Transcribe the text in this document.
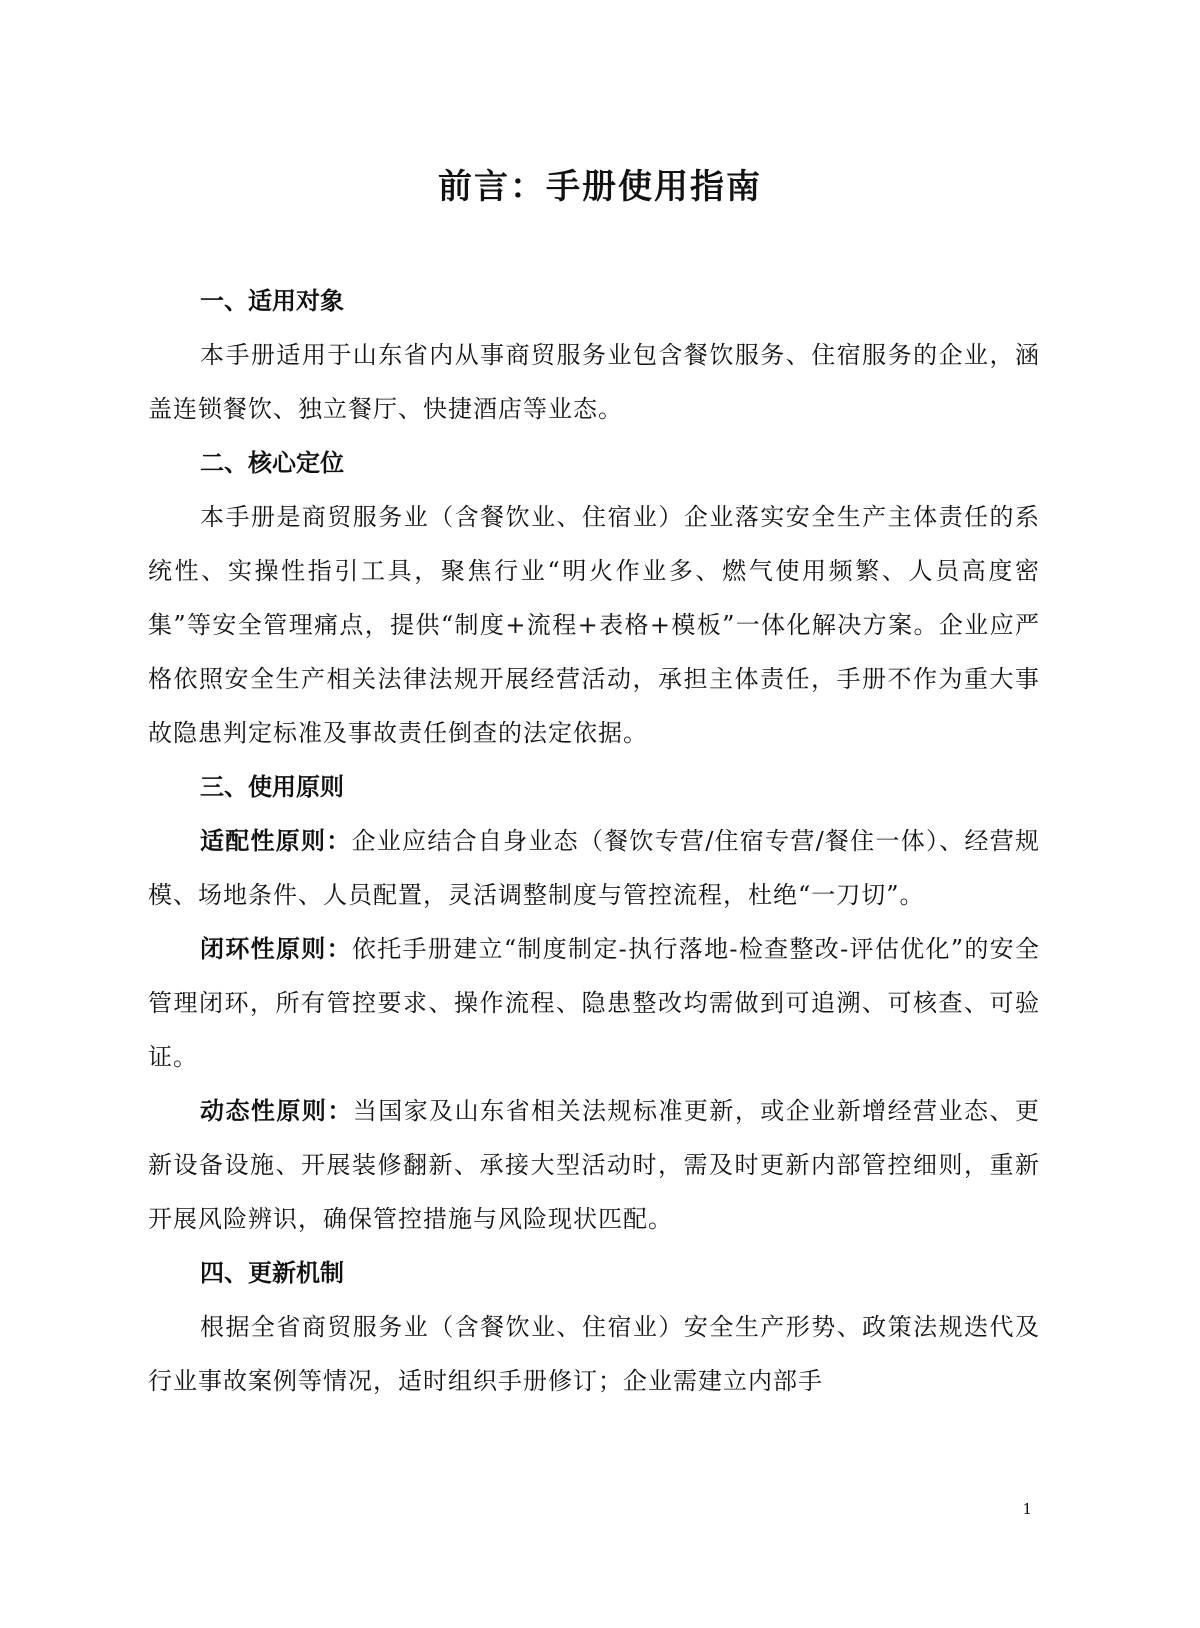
前言：手册使用指南
一、适用对象

本手册适用于山东省内从事商贸服务业包含餐饮服务、住宿服务的企业，涵盖连锁餐饮、独立餐厅、快捷酒店等业态。

二、核心定位

本手册是商贸服务业（含餐饮业、住宿业）企业落实安全生产主体责任的系统性、实操性指引工具，聚焦行业“明火作业多、燃气使用频繁、人员高度密集”等安全管理痛点，提供“制度+流程+表格+模板”一体化解决方案。企业应严格依照安全生产相关法律法规开展经营活动，承担主体责任，手册不作为重大事故隐患判定标准及事故责任倒查的法定依据。

三、使用原则

适配性原则：企业应结合自身业态（餐饮专营/住宿专营/餐住一体）、经营规模、场地条件、人员配置，灵活调整制度与管控流程，杜绝“一刀切”。

闭环性原则：依托手册建立“制度制定-执行落地-检查整改-评估优化”的安全管理闭环，所有管控要求、操作流程、隐患整改均需做到可追溯、可核查、可验证。

动态性原则：当国家及山东省相关法规标准更新，或企业新增经营业态、更新设备设施、开展装修翻新、承接大型活动时，需及时更新内部管控细则，重新开展风险辨识，确保管控措施与风险现状匹配。

四、更新机制

根据全省商贸服务业（含餐饮业、住宿业）安全生产形势、政策法规迭代及行业事故案例等情况，适时组织手册修订；企业需建立内部手

1
